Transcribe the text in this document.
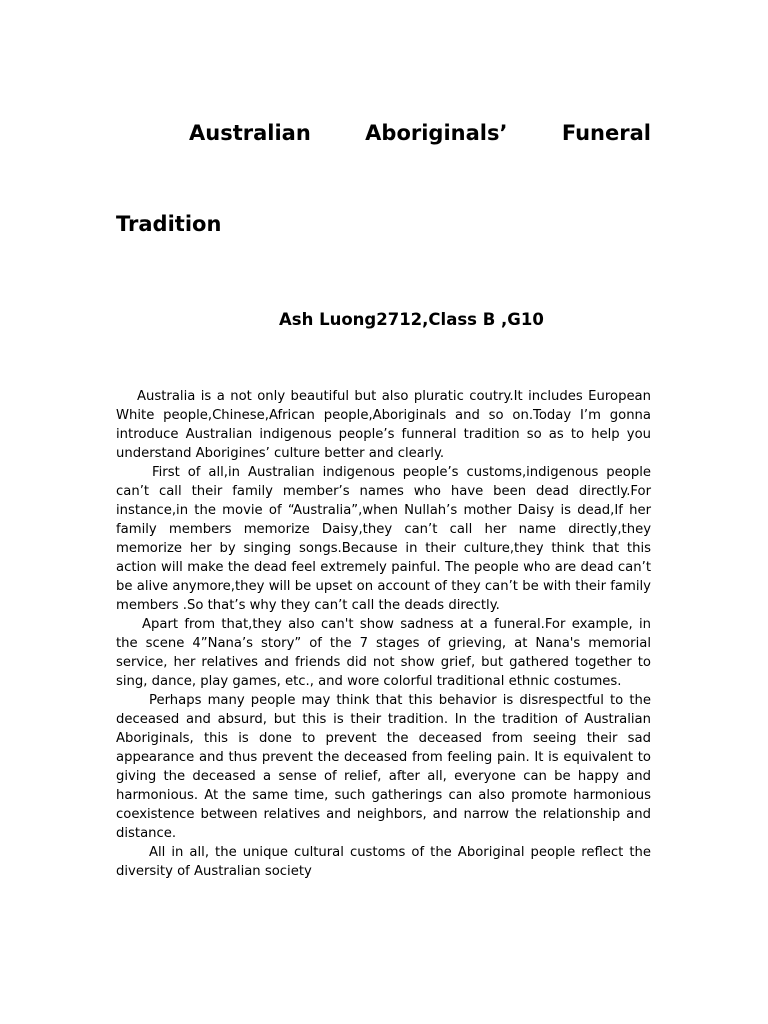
Australian	Aboriginals’	Funeral
Tradition
Ash Luong2712,Class B ,G10

Australia is a not only beautiful but also pluratic coutry.It includes European White people,Chinese,African people,Aboriginals and so on.Today I’m gonna introduce Australian indigenous people’s funneral tradition so as to help you understand Aborigines’ culture better and clearly.

First of all,in Australian indigenous people’s customs,indigenous people can’t call their family member’s names who have been dead directly.For instance,in the movie of “Australia”,when Nullah’s mother Daisy is dead,If her family members memorize Daisy,they can’t call her name directly,they memorize her by singing songs.Because in their culture,they think that this action will make the dead feel extremely painful. The people who are dead can’t be alive anymore,they will be upset on account of they can’t be with their family members .So that’s why they can’t call the deads directly.

Apart from that,they also can't show sadness at a funeral.For example, in the scene 4”Nana’s story” of the 7 stages of grieving, at Nana's memorial service, her relatives and friends did not show grief, but gathered together to sing, dance, play games, etc., and wore colorful traditional ethnic costumes.

Perhaps many people may think that this behavior is disrespectful to the deceased and absurd, but this is their tradition. In the tradition of Australian Aboriginals, this is done to prevent the deceased from seeing their sad appearance and thus prevent the deceased from feeling pain. It is equivalent to giving the deceased a sense of relief, after all, everyone can be happy and harmonious. At the same time, such gatherings can also promote harmonious coexistence between relatives and neighbors, and narrow the relationship and distance.

All in all, the unique cultural customs of the Aboriginal people reflect the diversity of Australian society
